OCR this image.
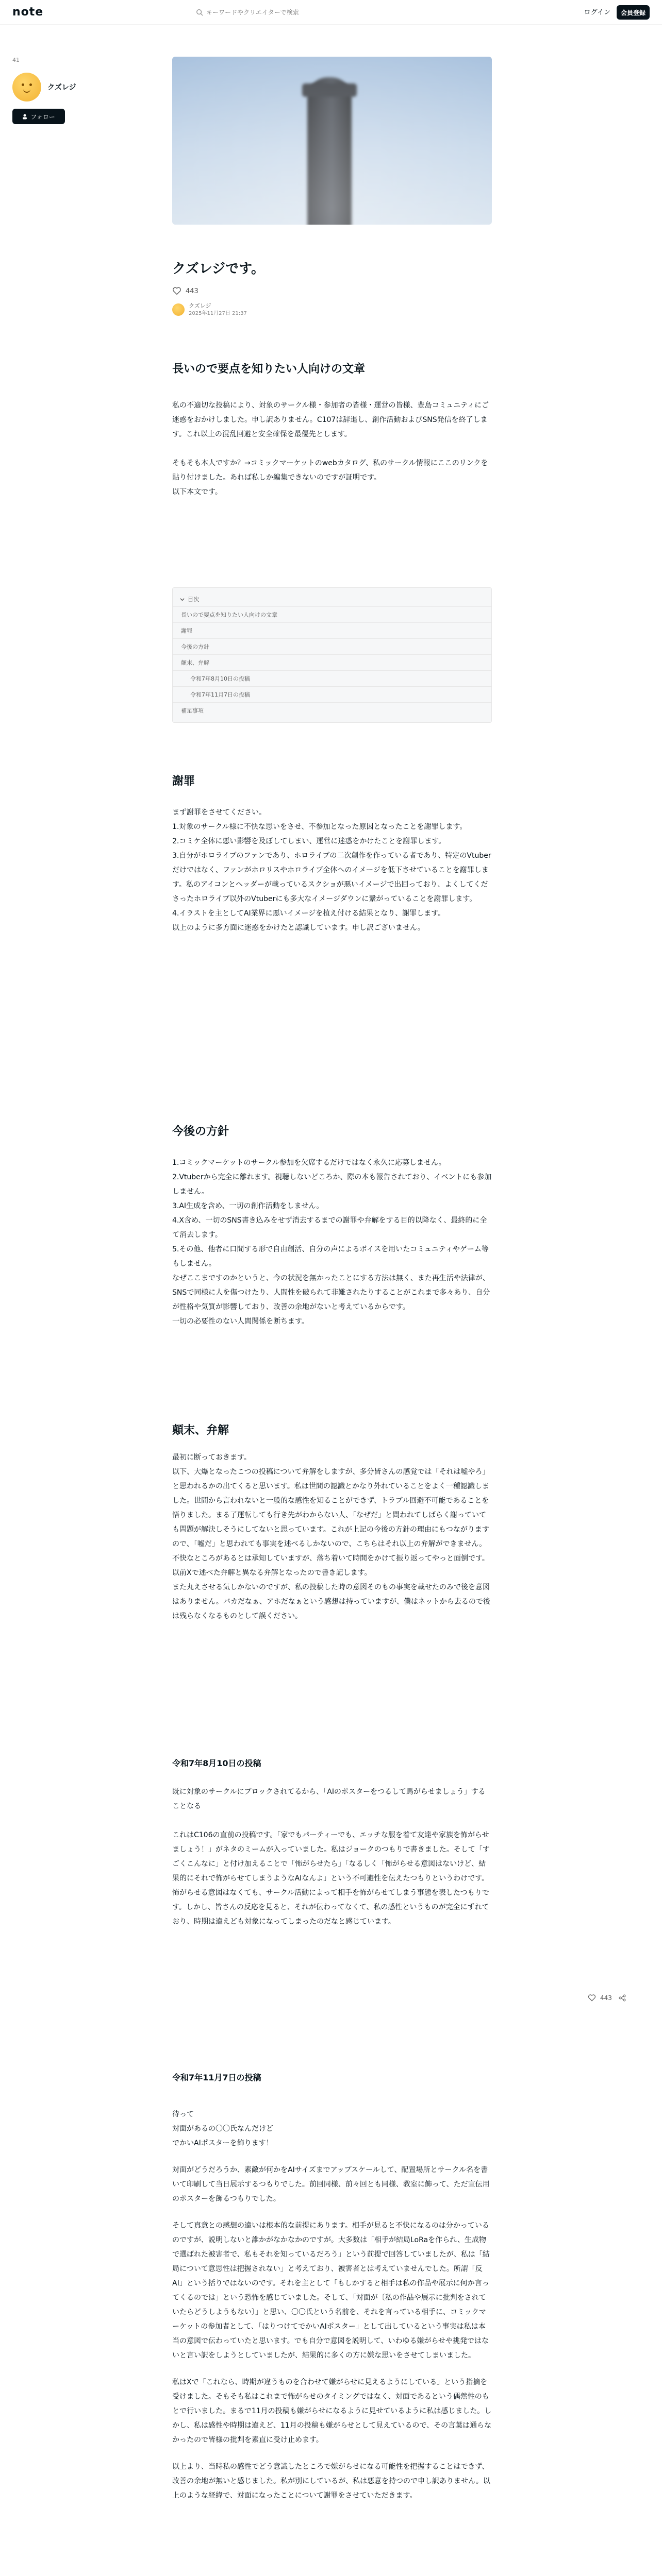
note
キーワードやクリエイターで検索	ログイン	会員登録
41
クズレジ
フォロー
クズレジです。
443
クズレジ
2025年11月27日 21:37
長いので要点を知りたい人向けの文章

私の不適切な投稿により、対象のサークル様・参加者の皆様・運営の皆様、豊島コミュニティにご迷惑をおかけしました。申し訳ありません。C107は辞退し、創作活動およびSNS発信を終了します。これ以上の混乱回避と安全確保を最優先とします。

そもそも本人ですか？→コミックマーケットのwebカタログ、私のサークル情報にここのリンクを貼り付けました。あれば私しか編集できないのですが証明です。

以下本文です。

目次
長いので要点を知りたい人向けの文章
謝罪
今後の方針
顛末、弁解
令和7年8月10日の投稿
令和7年11月7日の投稿
補足事項
謝罪

まず謝罪をさせてください。

1.対象のサークル様に不快な思いをさせ、不参加となった原因となったことを謝罪します。

2.コミケ全体に悪い影響を及ぼしてしまい、運営に迷惑をかけたことを謝罪します。

3.自分がホロライブのファンであり、ホロライブの二次創作を作っている者であり、特定のVtuberだけではなく、ファンがホロリスやホロライブ全体へのイメージを低下させていることを謝罪します。私のアイコンとヘッダーが載っているスクショが悪いイメージで出回っており、よくしてくださったホロライブ以外のVtuberにも多大なイメージダウンに繋がっていることを謝罪します。

4.イラストを主としてAI業界に悪いイメージを植え付ける結果となり、謝罪します。

以上のように多方面に迷惑をかけたと認識しています。申し訳ございません。

今後の方針

1.コミックマーケットのサークル参加を欠席するだけではなく永久に応募しません。

2.Vtuberから完全に離れます。視聴しないどころか、際の本も報告されており、イベントにも参加しません。

3.AI生成を含め、一切の創作活動をしません。

4.X含め、一切のSNS書き込みをせず消去するまでの謝罪や弁解をする目的以降なく、最終的に全て消去します。

5.その他、他者に口間する形で自由創活、自分の声によるボイスを用いたコミュニティやゲーム等もしません。

なぜここまですのかというと、今の状況を無かったことにする方法は無く、また再生活や法律が、SNSで同様に人を傷つけたり、人間性を破られて非難されたりすることがこれまで多々あり、自分が性格や気質が影響しており、改善の余地がないと考えているからです。

一切の必要性のない人間関係を断ちます。

顛末、弁解

最初に断っておきます。

以下、大爆となったこつの投稿について弁解をしますが、多分皆さんの感覚では「それは嘘やろ」と思われるかの出てくると思います。私は世間の認識とかなり外れていることをよく一種認識しました。世間から言われないと一般的な感性を知ることができず、トラブル回避不可能であることを悟りました。まる了運転しても行き先がわからない人、「なぜだ」と問われてしばらく謝っていても問題が解決しそうにしてないと思っています。これが上記の今後の方針の理由にもつながりますので、「嘘だ」と思われても事実を述べるしかないので、こちらはそれ以上の弁解ができません。

不快なところがあるとは承知していますが、落ち着いて時間をかけて振り返ってやっと面倒です。以前Xで述べた弁解と異なる弁解となったので書き記します。

また丸えさせる気しかないのですが、私の投稿した時の意図そのもの事実を載せたのみで後を意図はありません。バカだなぁ、アホだなぁという感想は持っていますが、僕はネットから去るので後は残らなくなるものとして誤ください。

令和7年8月10日の投稿

既に対象のサークルにブロックされてるから、「AIのポスターをつるして馬がらせましょう」することなる

これはC106の直前の投稿です。「家でもパーティーでも、エッチな服を着て友達や家族を怖がらせましょう！」がネタのミームが入っていました。私はジョークのつもりで書きました。そして「すごくこんなに」と付け加えることで「怖がらせたら」「なるしく「怖がらせる意図はないけど、結果的にそれで怖がらせてしまうようなAIなんよ」という不可避性を伝えたつもりというわけです。怖がらせる意図はなくても、サークル活動によって相手を怖がらせてしまう事態を表したつもりです。しかし、皆さんの反応を見ると、それが伝わってなくて、私の感性というものが完全にずれており、時期は違えども対象になってしまったのだなと感じています。

令和7年11月7日の投稿

待って

対面があるの〇〇氏なんだけど

でかいAIポスターを飾ります！

対面がどうだろうか、素敵が何かをAIサイズまでアップスケールして、配置場所とサークル名を書いて印刷して当日展示するつもりでした。前回同様、前々回とも同様、教室に飾って、ただ宣伝用のポスターを飾るつもりでした。

そして真意との感想の違いは根本的な前提にあります。相手が見ると不快になるのは分かっているのですが、説明しないと誰かがなかなかのですが。大多数は「相手が結局LoRaを作られ、生成物で選ばれた被害者で、私もそれを知っているだろう」という前提で回答していましたが、私は「結局について意思性は把握されない」と考えており、被害者とは考えていませんでした。所謂「反AI」という括りではないのです。それを主として「もしかすると相手は私の作品や展示に何か言ってくるのでは」という恐怖を感じていました。そして、「対面が〔私の作品や展示に批判をされていたらどうしようもない〕」と思い、〇〇氏という名前を、それを言っている相手に、コミックマーケットの参加者として、「はりつけてでかいAIポスター」として出しているという事実は私は本当の意図で伝わっていたと思います。でも自分で意図を説明して、いわゆる嫌がらせや挑発ではないと言い訳をしようとしていましたが、結果的に多くの方に嫌な思いをさせてしまいました。

私はXで「これなら、時期が違うものを合わせて嫌がらせに見えるようにしている」という指摘を受けました。そもそも私はこれまで怖がらせのタイミングではなく、対面であるという偶然性のもとで行いました。まるで11月の投稿も嫌がらせになるように見せているように私は感じました。しかし、私は感性や時期は違えど、11月の投稿も嫌がらせとして見えているので、その言葉は通らなかったので皆様の批判を素直に受け止めます。

以上より、当時私の感性でどう意識したところで嫌がらせになる可能性を把握することはできず、改善の余地が無いと感じました。私が別にしているが、私は悪意を持つので申し訳ありません。以上のような経緯で、対面になったことについて謝罪をさせていただきます。

443
